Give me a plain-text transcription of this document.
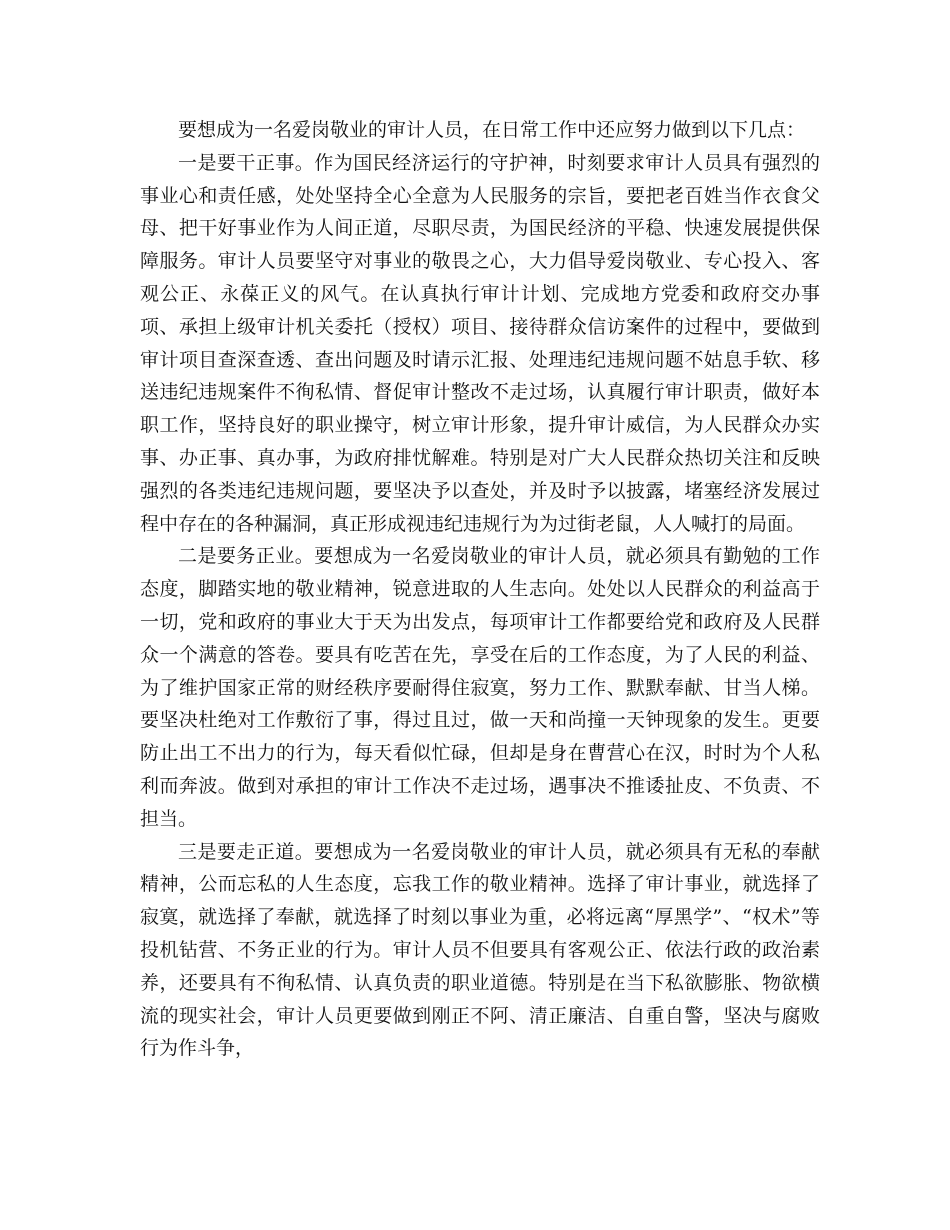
要想成为一名爱岗敬业的审计人员，在日常工作中还应努力做到以下几点：

一是要干正事。作为国民经济运行的守护神，时刻要求审计人员具有强烈的事业心和责任感，处处坚持全心全意为人民服务的宗旨，要把老百姓当作衣食父母、把干好事业作为人间正道，尽职尽责，为国民经济的平稳、快速发展提供保障服务。审计人员要坚守对事业的敬畏之心，大力倡导爱岗敬业、专心投入、客观公正、永葆正义的风气。在认真执行审计计划、完成地方党委和政府交办事项、承担上级审计机关委托（授权）项目、接待群众信访案件的过程中，要做到审计项目查深查透、查出问题及时请示汇报、处理违纪违规问题不姑息手软、移送违纪违规案件不徇私情、督促审计整改不走过场，认真履行审计职责，做好本职工作，坚持良好的职业操守，树立审计形象，提升审计威信，为人民群众办实事、办正事、真办事，为政府排忧解难。特别是对广大人民群众热切关注和反映强烈的各类违纪违规问题，要坚决予以查处，并及时予以披露，堵塞经济发展过程中存在的各种漏洞，真正形成视违纪违规行为为过街老鼠，人人喊打的局面。

二是要务正业。要想成为一名爱岗敬业的审计人员，就必须具有勤勉的工作态度，脚踏实地的敬业精神，锐意进取的人生志向。处处以人民群众的利益高于一切，党和政府的事业大于天为出发点，每项审计工作都要给党和政府及人民群众一个满意的答卷。要具有吃苦在先，享受在后的工作态度，为了人民的利益、为了维护国家正常的财经秩序要耐得住寂寞，努力工作、默默奉献、甘当人梯。要坚决杜绝对工作敷衍了事，得过且过，做一天和尚撞一天钟现象的发生。更要防止出工不出力的行为，每天看似忙碌，但却是身在曹营心在汉，时时为个人私利而奔波。做到对承担的审计工作决不走过场，遇事决不推诿扯皮、不负责、不担当。

三是要走正道。要想成为一名爱岗敬业的审计人员，就必须具有无私的奉献精神，公而忘私的人生态度，忘我工作的敬业精神。选择了审计事业，就选择了寂寞，就选择了奉献，就选择了时刻以事业为重，必将远离“厚黑学”、“权术”等投机钻营、不务正业的行为。审计人员不但要具有客观公正、依法行政的政治素养，还要具有不徇私情、认真负责的职业道德。特别是在当下私欲膨胀、物欲横流的现实社会，审计人员更要做到刚正不阿、清正廉洁、自重自警，坚决与腐败行为作斗争，
